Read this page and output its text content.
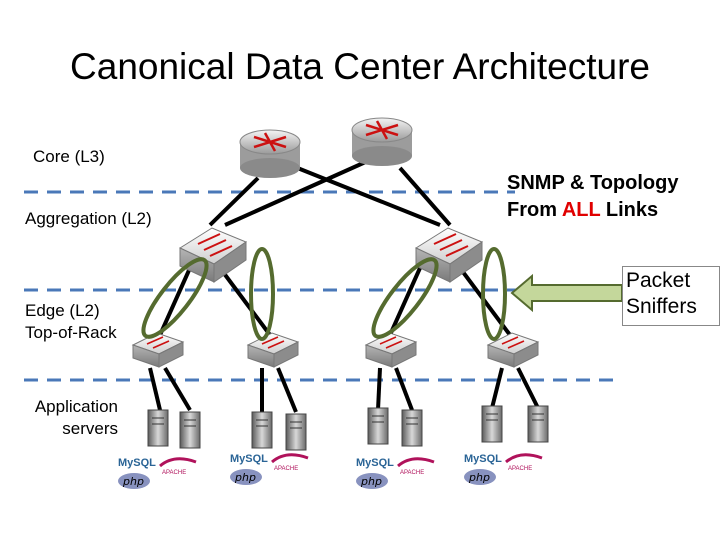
Canonical Data Center Architecture
MySQL
APACHE
php
MySQL
APACHE
php
MySQL
APACHE
php
MySQL
APACHE
php
Core (L3)
Aggregation (L2)
Edge (L2)
Top-of-Rack
Application
servers
SNMP & Topology
From ALL Links
Packet
Sniffers
